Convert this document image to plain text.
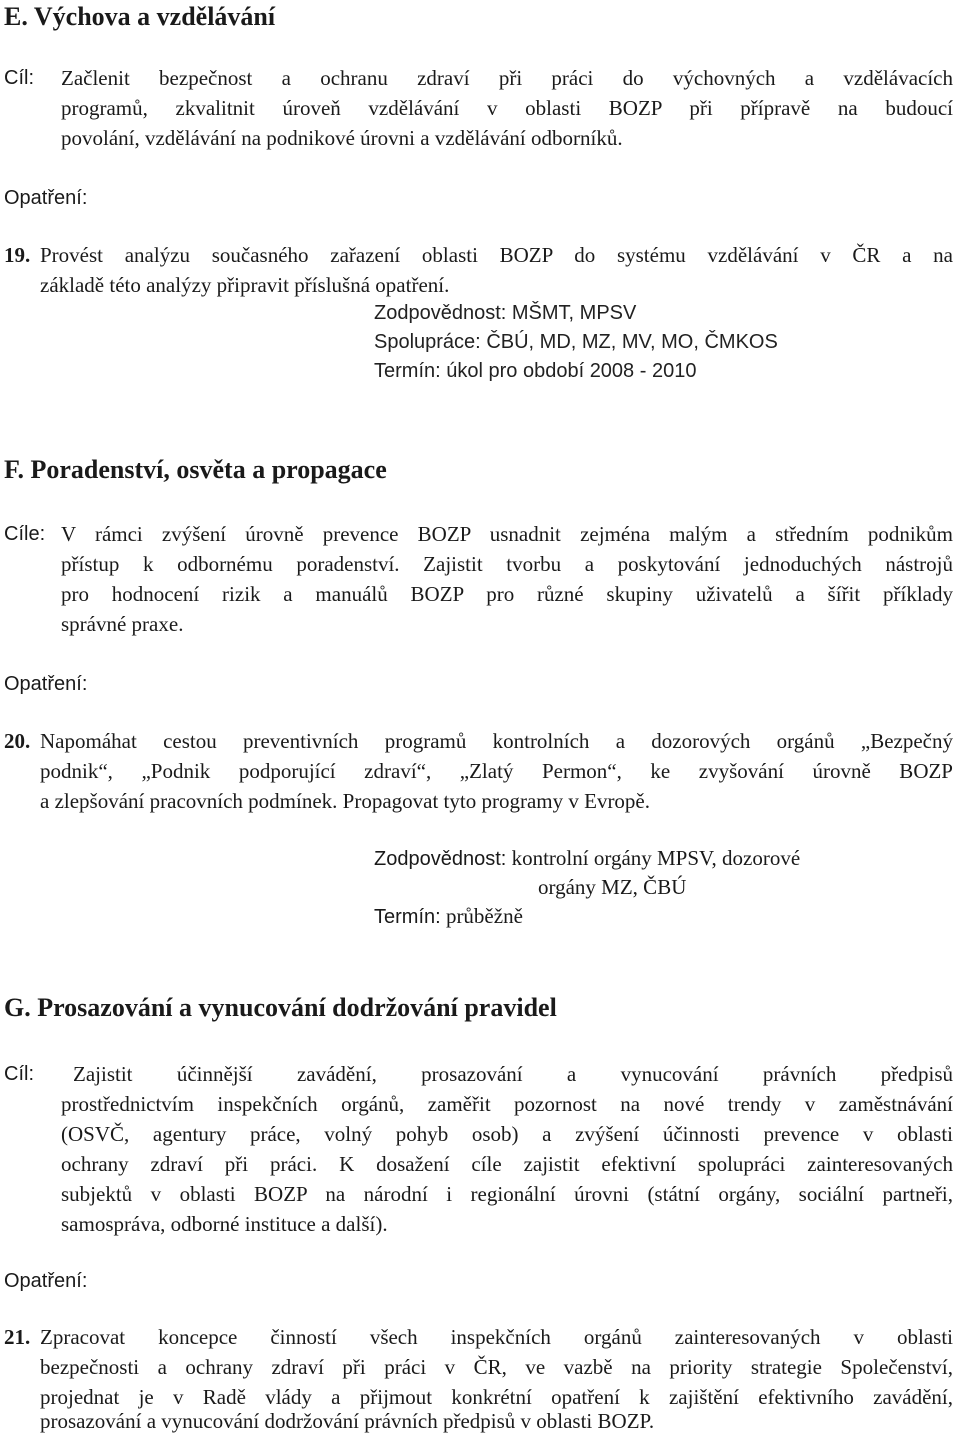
E. Výchova a vzdělávání
Cíl: Začlenit bezpečnost a ochranu zdraví při práci do výchovných a vzdělávacích
programů, zkvalitnit úroveň vzdělávání v oblasti BOZP při přípravě na budoucí
povolání, vzdělávání na podnikové úrovni a vzdělávání odborníků.
Opatření:
19. Provést analýzu současného zařazení oblasti BOZP do systému vzdělávání v ČR a na
základě této analýzy připravit příslušná opatření.
Zodpovědnost: MŠMT, MPSV
Spolupráce: ČBÚ, MD, MZ, MV, MO, ČMKOS
Termín: úkol pro období 2008 - 2010
F. Poradenství, osvěta a propagace
Cíle: V rámci zvýšení úrovně prevence BOZP usnadnit zejména malým a středním podnikům
přístup k odbornému poradenství. Zajistit tvorbu a poskytování jednoduchých nástrojů
pro hodnocení rizik a manuálů BOZP pro různé skupiny uživatelů a šířit příklady
správné praxe.
Opatření:
20. Napomáhat cestou preventivních programů kontrolních a dozorových orgánů „Bezpečný
podnik“, „Podnik podporující zdraví“, „Zlatý Permon“, ke zvyšování úrovně BOZP
a zlepšování pracovních podmínek. Propagovat tyto programy v Evropě.
Zodpovědnost: kontrolní orgány MPSV, dozorové
orgány MZ, ČBÚ
Termín: průběžně
G. Prosazování a vynucování dodržování pravidel
Cíl: Zajistit účinnější zavádění, prosazování a vynucování právních předpisů
prostřednictvím inspekčních orgánů, zaměřit pozornost na nové trendy v zaměstnávání
(OSVČ, agentury práce, volný pohyb osob) a zvýšení účinnosti prevence v oblasti
ochrany zdraví při práci. K dosažení cíle zajistit efektivní spolupráci zainteresovaných
subjektů v oblasti BOZP na národní i regionální úrovni (státní orgány, sociální partneři,
samospráva, odborné instituce a další).
Opatření:
21. Zpracovat koncepce činností všech inspekčních orgánů zainteresovaných v oblasti
bezpečnosti a ochrany zdraví při práci v ČR, ve vazbě na priority strategie Společenství,
projednat je v Radě vlády a přijmout konkrétní opatření k zajištění efektivního zavádění,
prosazování a vynucování dodržování právních předpisů v oblasti BOZP.
